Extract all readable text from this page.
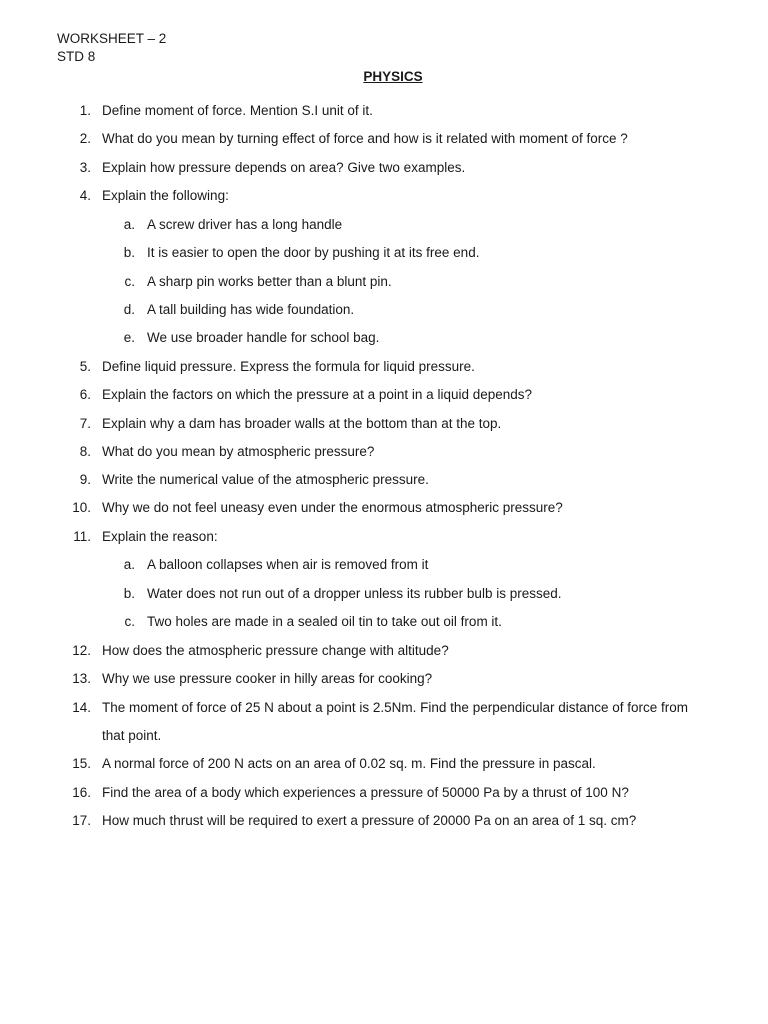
WORKSHEET – 2
STD 8
PHYSICS
1. Define moment of force. Mention S.I unit of it.
2. What do you mean by turning effect of force and how is it related with moment of force ?
3. Explain how pressure depends on area? Give two examples.
4. Explain the following:
a. A screw driver has a long handle
b. It is easier to open the door by pushing it at its free end.
c. A sharp pin works better than a blunt pin.
d. A tall building has wide foundation.
e. We use broader handle for school bag.
5. Define liquid pressure. Express the formula for liquid pressure.
6. Explain the factors on which the pressure at a point in a liquid depends?
7. Explain why a dam has broader walls at the bottom than at the top.
8. What do you mean by atmospheric pressure?
9. Write the numerical value of the atmospheric pressure.
10. Why we do not feel uneasy even under the enormous atmospheric pressure?
11. Explain the reason:
a. A balloon collapses when air is removed from it
b. Water does not run out of a dropper unless its rubber bulb is pressed.
c. Two holes are made in a sealed oil tin to take out oil from it.
12. How does the atmospheric pressure change with altitude?
13. Why we use pressure cooker in hilly areas for cooking?
14. The moment of force of 25 N about a point is 2.5Nm. Find the perpendicular distance of force from
that point.
15. A normal force of 200 N acts on an area of 0.02 sq. m. Find the pressure in pascal.
16. Find the area of a body which experiences a pressure of 50000 Pa by a thrust of 100 N?
17. How much thrust will be required to exert a pressure of 20000 Pa on an area of 1 sq. cm?
